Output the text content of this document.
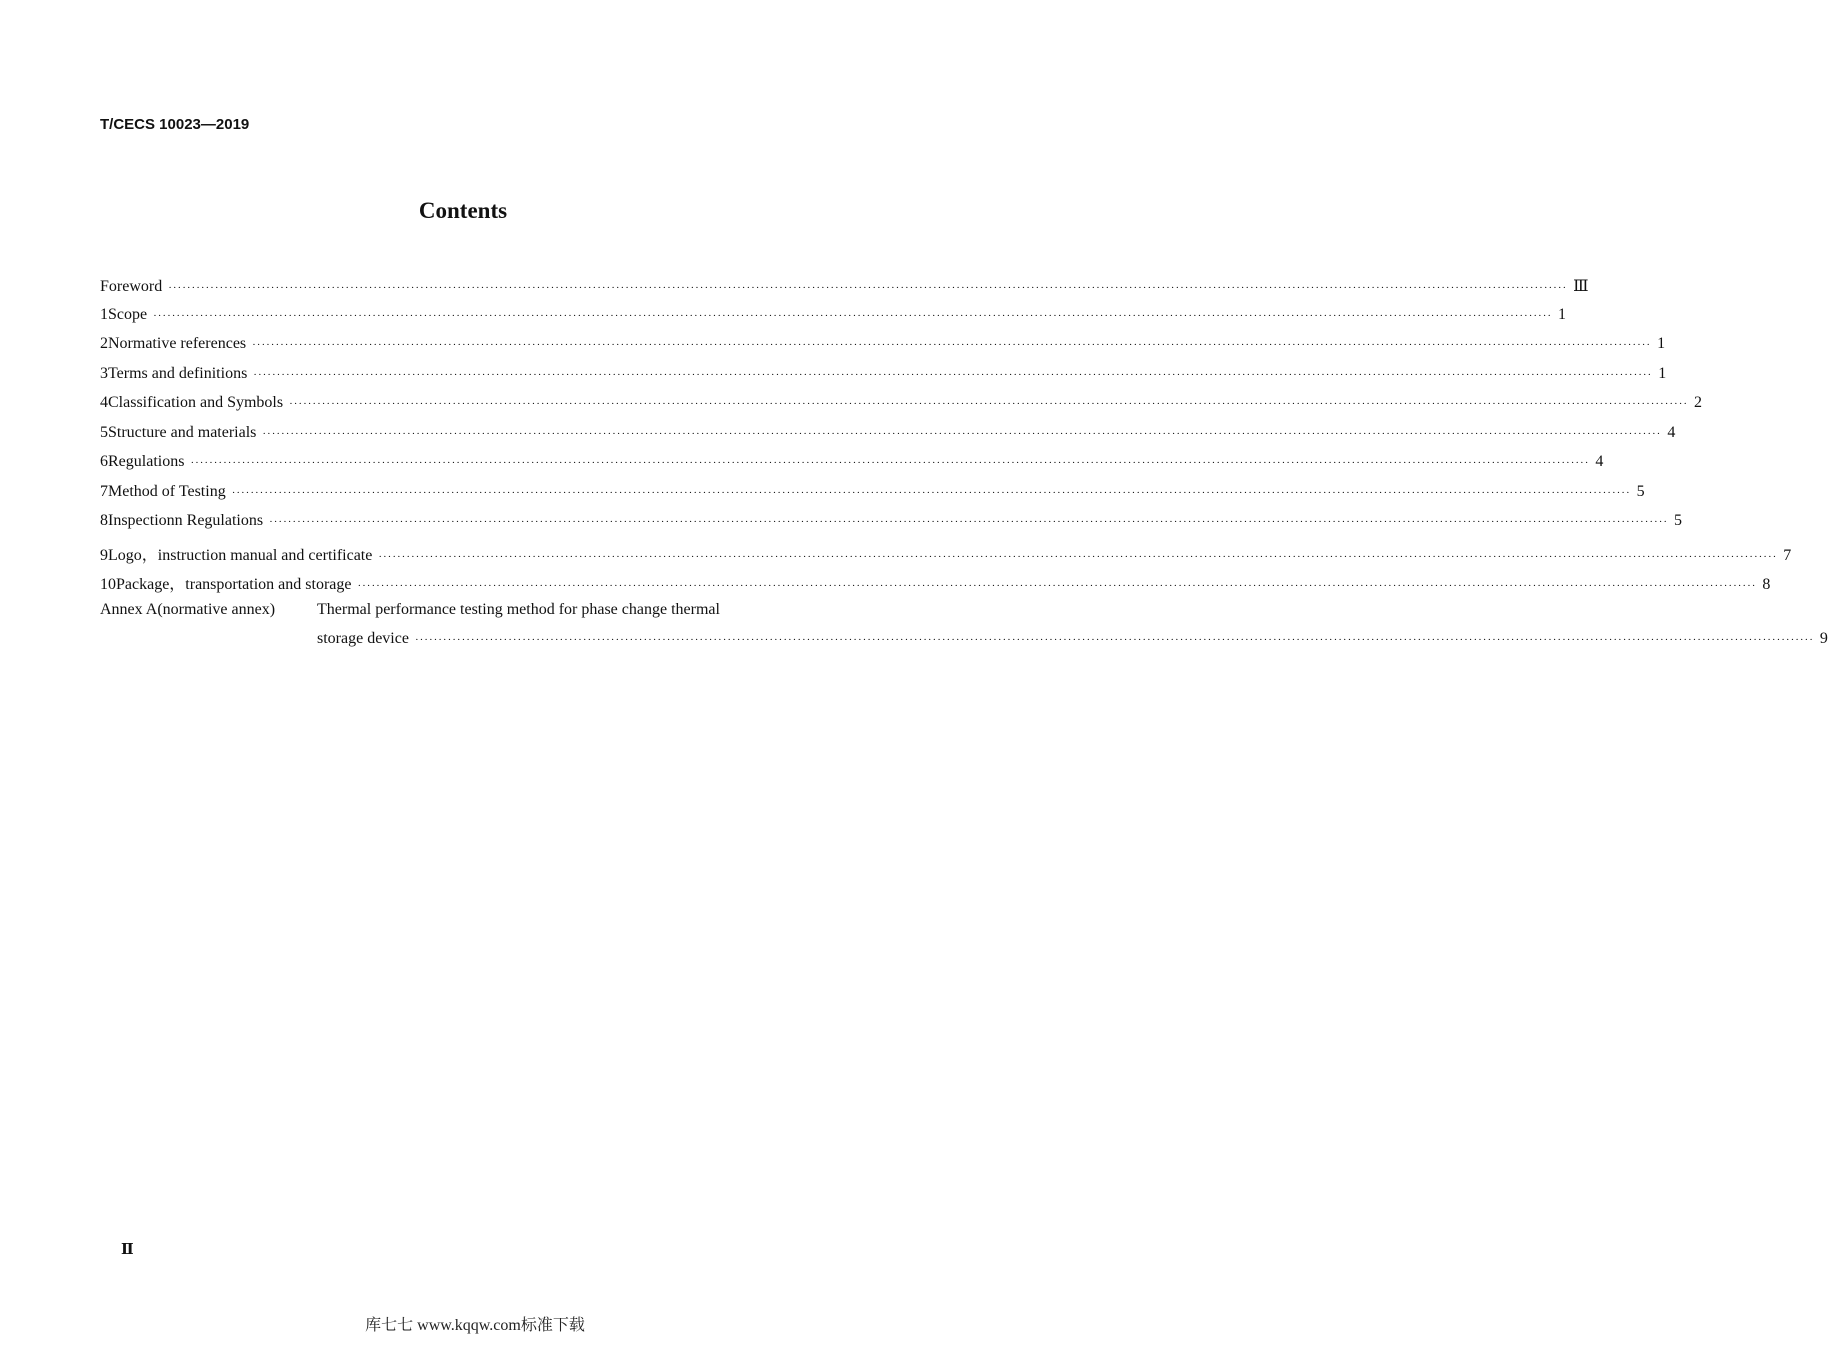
T/CECS 10023—2019
Contents
Foreword ············································································································································································································································································································ Ⅲ
1 Scope ············································································································································································································································································································ 1
2 Normative references ············································································································································································································································································································ 1
3 Terms and definitions ············································································································································································································································································································ 1
4 Classification and Symbols ············································································································································································································································································································ 2
5 Structure and materials ············································································································································································································································································································ 4
6 Regulations ············································································································································································································································································································ 4
7 Method of Testing ············································································································································································································································································································ 5
8 Inspectionn Regulations ············································································································································································································································································································ 5
9 Logo，instruction manual and certificate ············································································································································································································································································································ 7
10 Package，transportation and storage ············································································································································································································································································································ 8
Annex A(normative annex)	Thermal performance testing method for phase change thermal
storage device ············································································································································································································································································································ 9
Ⅱ
库七七 www.kqqw.com标准下载
